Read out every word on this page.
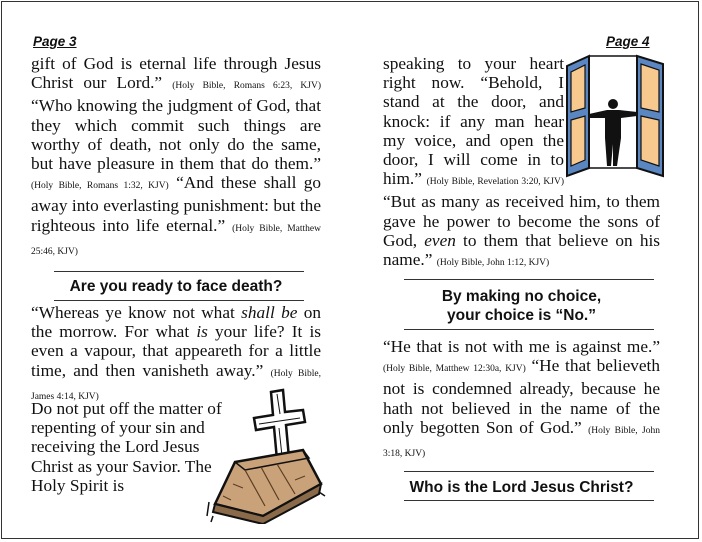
Page 3
gift of God is eternal life through Jesus Christ our Lord.” (Holy Bible, Romans 6:23, KJV) “Who knowing the judgment of God, that they which commit such things are worthy of death, not only do the same, but have pleasure in them that do them.” (Holy Bible, Romans 1:32, KJV) “And these shall go away into everlasting punishment: but the righteous into life eternal.” (Holy Bible, Matthew 25:46, KJV)
Are you ready to face death?
“Whereas ye know not what shall be on the morrow. For what is your life? It is even a vapour, that appeareth for a little time, and then vanisheth away.” (Holy Bible, James 4:14, KJV)
Do not put off the matter of repenting of your sin and receiving the Lord Jesus Christ as your Savior. The Holy Spirit is
Page 4
speaking to your heart right now. “Behold, I stand at the door, and knock: if any man hear my voice, and open the door, I will come in to him.” (Holy Bible, Revelation 3:20, KJV) “But as many as received him, to them gave he power to become the sons of God, even to them that believe on his name.” (Holy Bible, John 1:12, KJV)
By making no choice,
your choice is “No.”
“He that is not with me is against me.” (Holy Bible, Matthew 12:30a, KJV) “He that believeth not is condemned already, because he hath not believed in the name of the only begotten Son of God.” (Holy Bible, John 3:18, KJV)
Who is the Lord Jesus Christ?
